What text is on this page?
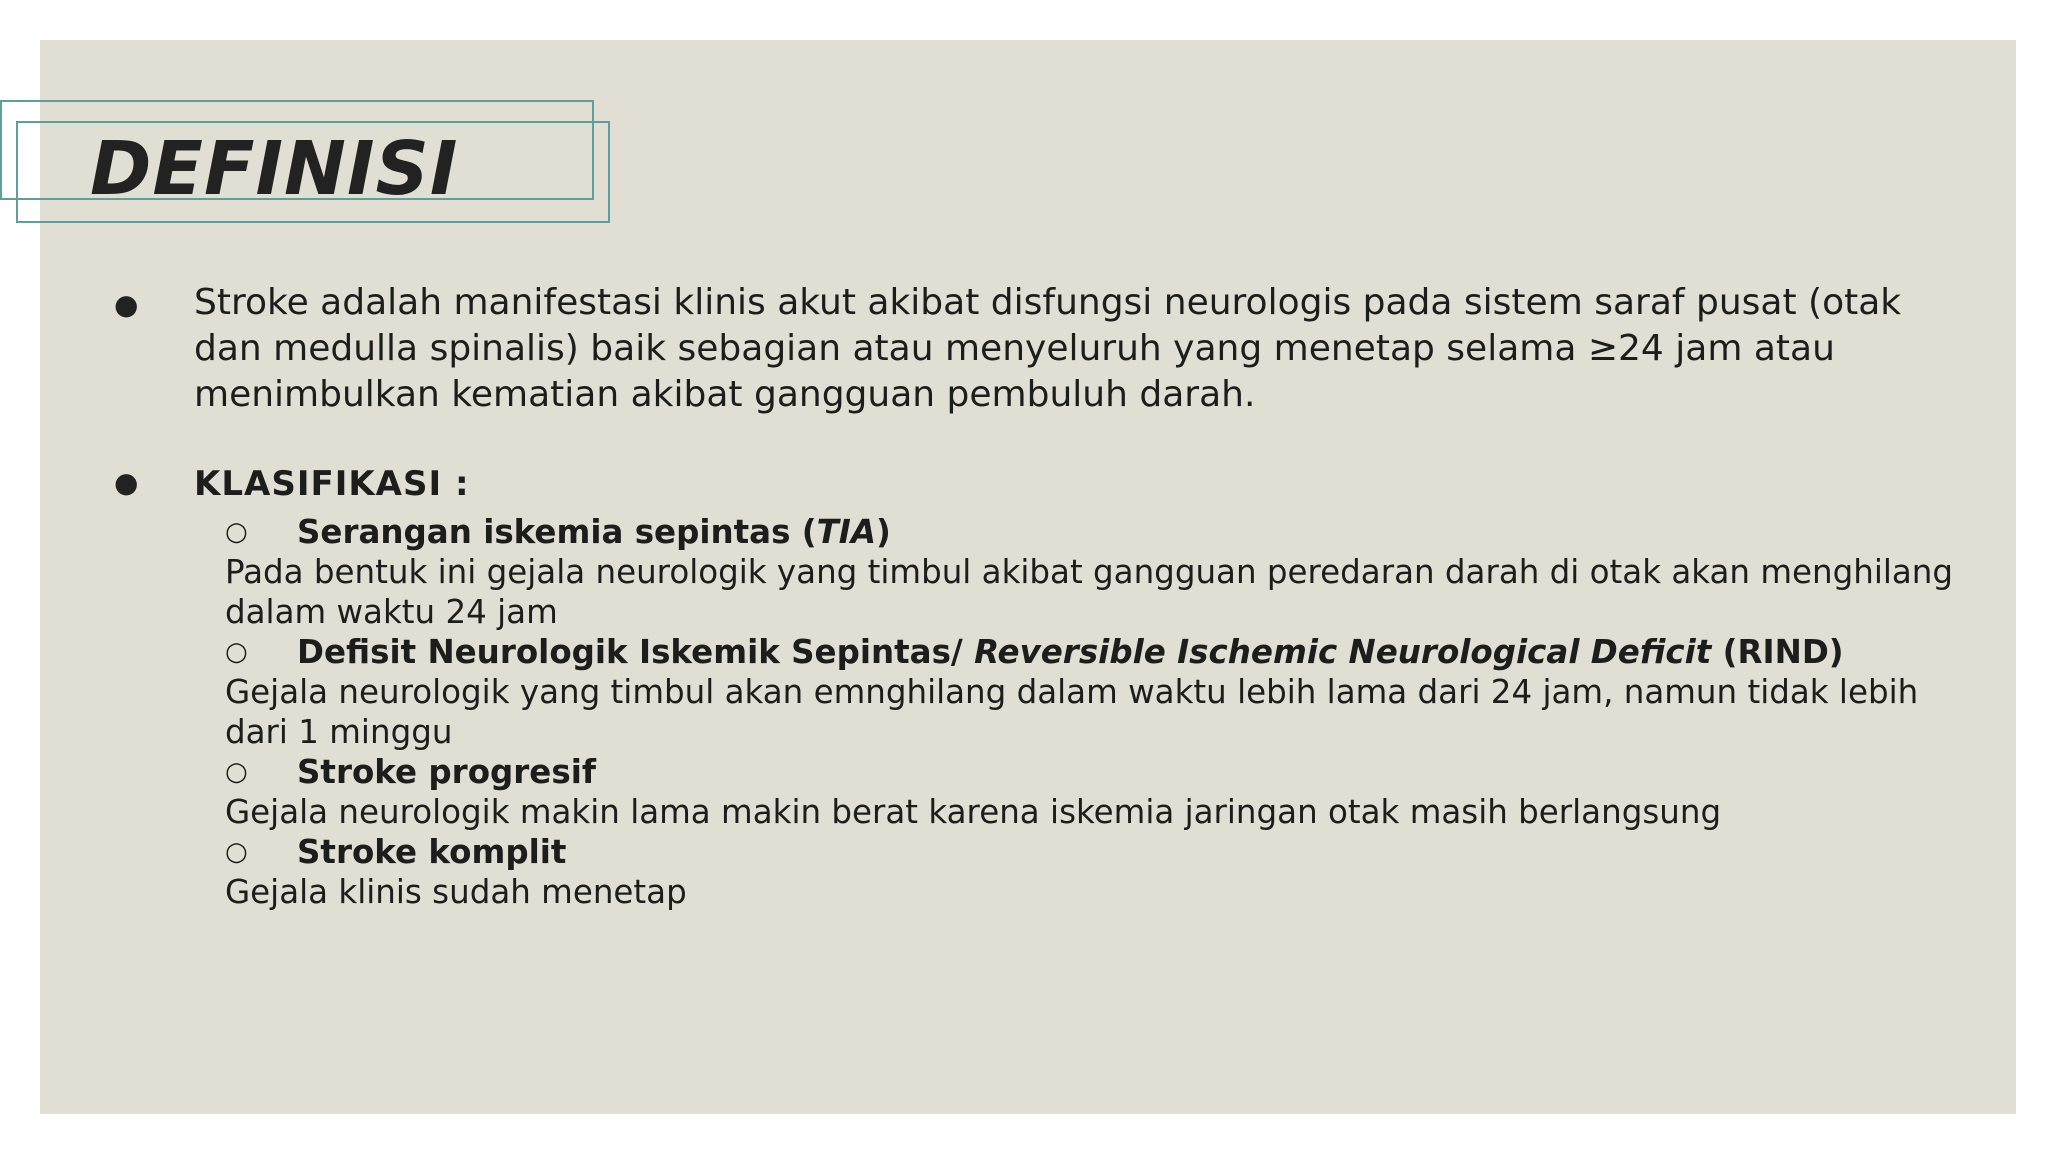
DEFINISI
● Stroke adalah manifestasi klinis akut akibat disfungsi neurologis pada sistem saraf pusat (otak dan medulla spinalis) baik sebagian atau menyeluruh yang menetap selama ≥24 jam atau menimbulkan kematian akibat gangguan pembuluh darah.

● KLASIFIKASI :
○ Serangan iskemia sepintas (TIA)

Pada bentuk ini gejala neurologik yang timbul akibat gangguan peredaran darah di otak akan menghilang dalam waktu 24 jam

○ Defisit Neurologik Iskemik Sepintas/ Reversible Ischemic Neurological Deficit (RIND)

Gejala neurologik yang timbul akan emnghilang dalam waktu lebih lama dari 24 jam, namun tidak lebih dari 1 minggu

○ Stroke progresif

Gejala neurologik makin lama makin berat karena iskemia jaringan otak masih berlangsung

○ Stroke komplit

Gejala klinis sudah menetap
